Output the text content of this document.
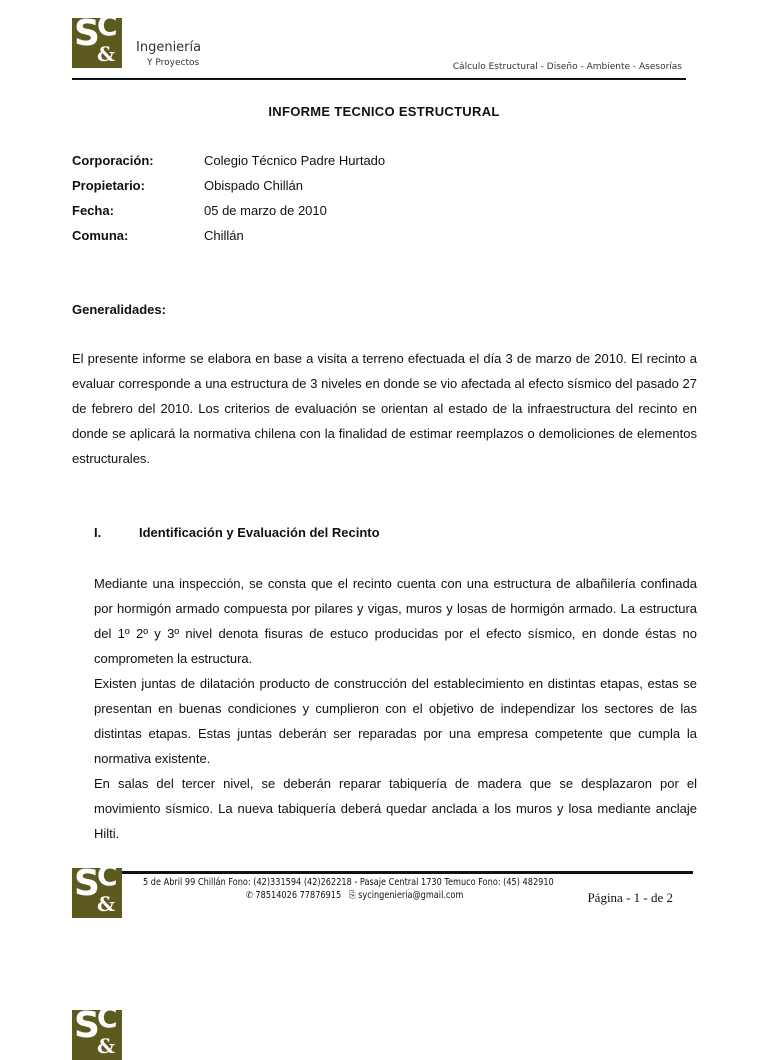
S
C
& Ingeniería
Y Proyectos	Cálculo Estructural - Diseño - Ambiente - Asesorías
INFORME TECNICO ESTRUCTURAL
Corporación:	Colegio Técnico Padre Hurtado
Propietario:	Obispado Chillán
Fecha:	05 de marzo de 2010
Comuna:	Chillán
Generalidades:

El presente informe se elabora en base a visita a terreno efectuada el día 3 de marzo de 2010. El recinto a evaluar corresponde a una estructura de 3 niveles en donde se vio afectada al efecto sísmico del pasado 27 de febrero del 2010. Los criterios de evaluación se orientan al estado de la infraestructura del recinto en donde se aplicará la normativa chilena con la finalidad de estimar reemplazos o demoliciones de elementos estructurales.

I.	Identificación y Evaluación del Recinto

Mediante una inspección, se consta que el recinto cuenta con una estructura de albañilería confinada por hormigón armado compuesta por pilares y vigas, muros y losas de hormigón armado. La estructura del 1º 2º y 3º nivel denota fisuras de estuco producidas por el efecto sísmico, en donde éstas no comprometen la estructura.
Existen juntas de dilatación producto de construcción del establecimiento en distintas etapas, estas se presentan en buenas condiciones y cumplieron con el objetivo de independizar los sectores de las distintas etapas. Estas juntas deberán ser reparadas por una empresa competente que cumpla la normativa existente.
En salas del tercer nivel, se deberán reparar tabiquería de madera que se desplazaron por el movimiento sísmico. La nueva tabiquería deberá quedar anclada a los muros y losa mediante anclaje Hilti.

S
C
&
5 de Abril 99 Chillán Fono: (42)331594 (42)262218 - Pasaje Central 1730 Temuco Fono: (45) 482910
✆ 78514026 77876915 ⎘ sycingenieria@gmail.com	Página - 1 - de 2
S
C
&
